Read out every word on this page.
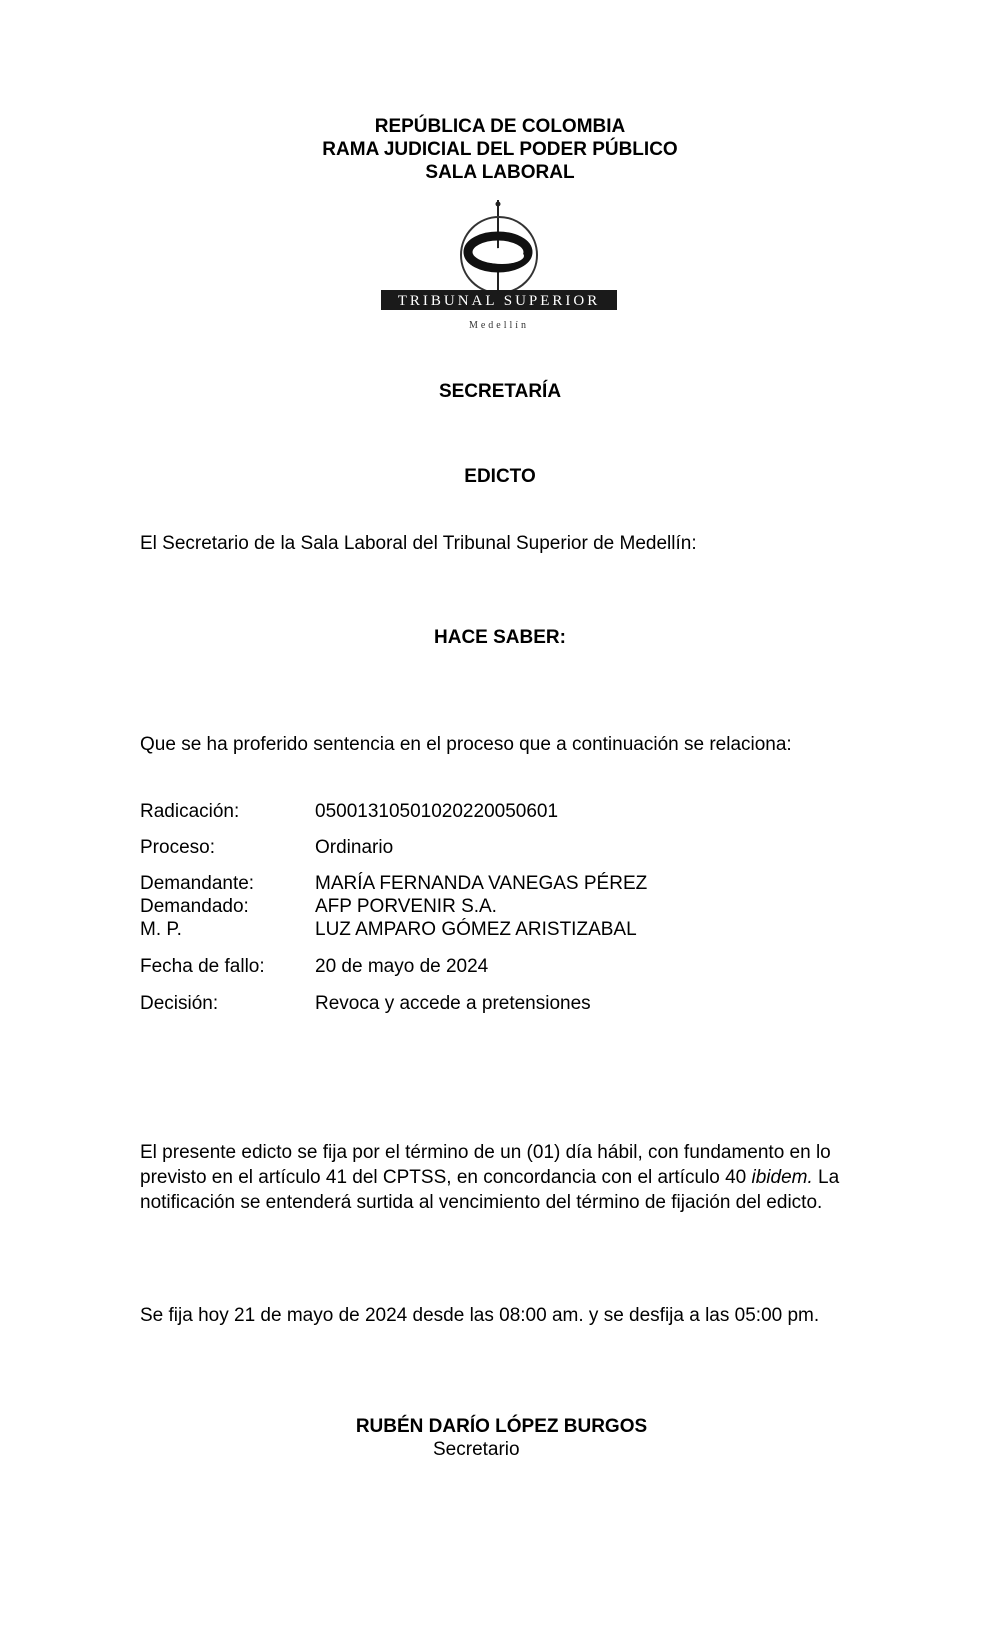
REPÚBLICA DE COLOMBIA
RAMA JUDICIAL DEL PODER PÚBLICO
SALA LABORAL
TRIBUNAL SUPERIOR
Medellín
SECRETARÍA
EDICTO
El Secretario de la Sala Laboral del Tribunal Superior de Medellín:
HACE SABER:
Que se ha proferido sentencia en el proceso que a continuación se relaciona:
Radicación:	05001310501020220050601
Proceso:	Ordinario
Demandante:	MARÍA FERNANDA VANEGAS PÉREZ
Demandado:	AFP PORVENIR S.A.
M. P.	LUZ AMPARO GÓMEZ ARISTIZABAL
Fecha de fallo:	20 de mayo de 2024
Decisión:	Revoca y accede a pretensiones
El presente edicto se fija por el término de un (01) día hábil, con fundamento en lo previsto en el artículo 41 del CPTSS, en concordancia con el artículo 40 ibidem. La notificación se entenderá surtida al vencimiento del término de fijación del edicto.
Se fija hoy 21 de mayo de 2024 desde las 08:00 am. y se desfija a las 05:00 pm.
RUBÉN DARÍO LÓPEZ BURGOS
Secretario
